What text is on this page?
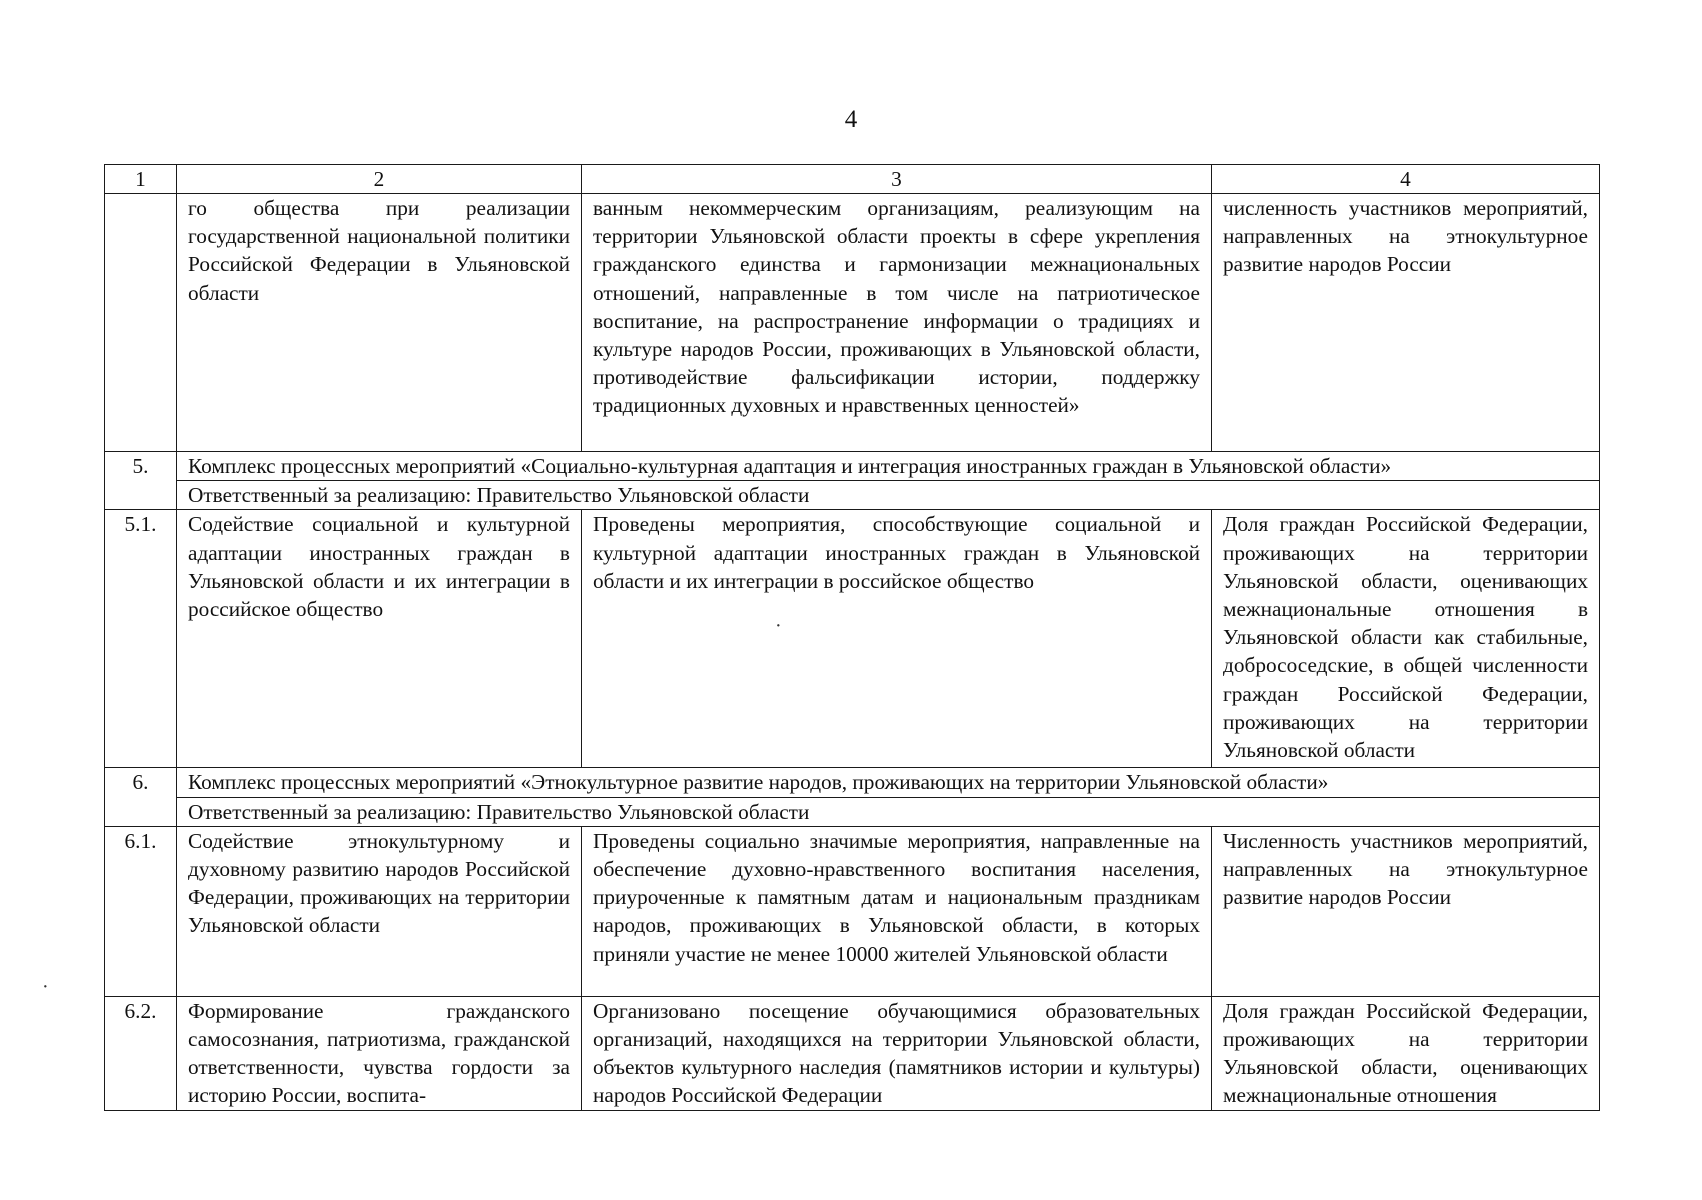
4
1	2	3	4
	го общества при реализации государственной национальной политики Российской Федерации в Ульяновской области	ванным некоммерческим организациям, реализующим на территории Ульяновской области проекты в сфере укрепления гражданского единства и гармонизации межнациональных отношений, направленные в том числе на патриотическое воспитание, на распространение информации о традициях и культуре народов России, проживающих в Ульяновской области, противодействие фальсификации истории, поддержку традиционных духовных и нравственных ценностей»	численность участников мероприятий, направленных на этнокультурное развитие народов России
5.	Комплекс процессных мероприятий «Социально-культурная адаптация и интеграция иностранных граждан в Ульяновской области»		
	Ответственный за реализацию: Правительство Ульяновской области		
5.1.	Содействие социальной и культурной адаптации иностранных граждан в Ульяновской области и их интеграции в российское общество	Проведены мероприятия, способствующие социальной и культурной адаптации иностранных граждан в Ульяновской области и их интеграции в российское общество	Доля граждан Российской Федерации, проживающих на территории Ульяновской области, оценивающих межнациональные отношения в Ульяновской области как стабильные, добрососедские, в общей численности граждан Российской Федерации, проживающих на территории Ульяновской области
6.	Комплекс процессных мероприятий «Этнокультурное развитие народов, проживающих на территории Ульяновской области»		
	Ответственный за реализацию: Правительство Ульяновской области		
6.1.	Содействие этнокультурному и духовному развитию народов Российской Федерации, проживающих на территории Ульяновской области	Проведены социально значимые мероприятия, направленные на обеспечение духовно-нравственного воспитания населения, приуроченные к памятным датам и национальным праздникам народов, проживающих в Ульяновской области, в которых приняли участие не менее 10000 жителей Ульяновской области	Численность участников мероприятий, направленных на этнокультурное развитие народов России
6.2.	Формирование гражданского самосознания, патриотизма, гражданской ответственности, чувства гордости за историю России, воспита-	Организовано посещение обучающимися образовательных организаций, находящихся на территории Ульяновской области, объектов культурного наследия (памятников истории и культуры) народов Российской Федерации	Доля граждан Российской Федерации, проживающих на территории Ульяновской области, оценивающих межнациональные отношения
·
·
